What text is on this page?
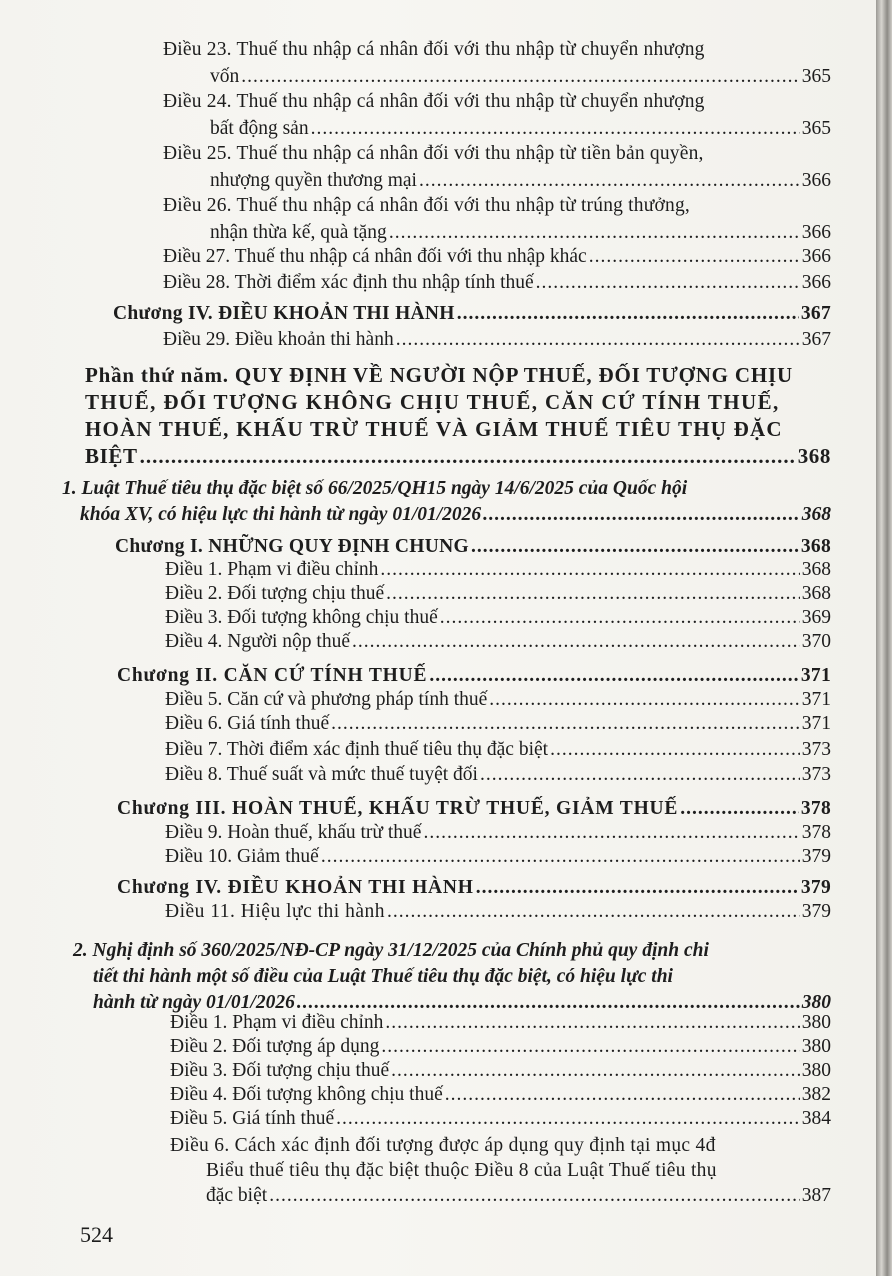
Điều 23. Thuế thu nhập cá nhân đối với thu nhập từ chuyển nhượng
vốn .....	365
Điều 24. Thuế thu nhập cá nhân đối với thu nhập từ chuyển nhượng
bất động sản .....	365
Điều 25. Thuế thu nhập cá nhân đối với thu nhập từ tiền bản quyền,
nhượng quyền thương mại .....	366
Điều 26. Thuế thu nhập cá nhân đối với thu nhập từ trúng thưởng,
nhận thừa kế, quà tặng .....	366
Điều 27. Thuế thu nhập cá nhân đối với thu nhập khác .....	366
Điều 28. Thời điểm xác định thu nhập tính thuế .....	366
Chương IV. ĐIỀU KHOẢN THI HÀNH .....	367
Điều 29. Điều khoản thi hành .....	367
Phần thứ năm. QUY ĐỊNH VỀ NGƯỜI NỘP THUẾ, ĐỐI TƯỢNG CHỊU
THUẾ, ĐỐI TƯỢNG KHÔNG CHỊU THUẾ, CĂN CỨ TÍNH THUẾ,
HOÀN THUẾ, KHẤU TRỪ THUẾ VÀ GIẢM THUẾ TIÊU THỤ ĐẶC
BIỆT .....	368
1. Luật Thuế tiêu thụ đặc biệt số 66/2025/QH15 ngày 14/6/2025 của Quốc hội
khóa XV, có hiệu lực thi hành từ ngày 01/01/2026 .....	368
Chương I. NHỮNG QUY ĐỊNH CHUNG .....	368
Điều 1. Phạm vi điều chỉnh .....	368
Điều 2. Đối tượng chịu thuế .....	368
Điều 3. Đối tượng không chịu thuế .....	369
Điều 4. Người nộp thuế .....	370
Chương II. CĂN CỨ TÍNH THUẾ .....	371
Điều 5. Căn cứ và phương pháp tính thuế .....	371
Điều 6. Giá tính thuế .....	371
Điều 7. Thời điểm xác định thuế tiêu thụ đặc biệt .....	373
Điều 8. Thuế suất và mức thuế tuyệt đối .....	373
Chương III. HOÀN THUẾ, KHẤU TRỪ THUẾ, GIẢM THUẾ .....	378
Điều 9. Hoàn thuế, khấu trừ thuế .....	378
Điều 10. Giảm thuế .....	379
Chương IV. ĐIỀU KHOẢN THI HÀNH .....	379
Điều 11. Hiệu lực thi hành .....	379
2. Nghị định số 360/2025/NĐ-CP ngày 31/12/2025 của Chính phủ quy định chi
tiết thi hành một số điều của Luật Thuế tiêu thụ đặc biệt, có hiệu lực thi
hành từ ngày 01/01/2026 .....	380
Điều 1. Phạm vi điều chỉnh .....	380
Điều 2. Đối tượng áp dụng .....	380
Điều 3. Đối tượng chịu thuế .....	380
Điều 4. Đối tượng không chịu thuế .....	382
Điều 5. Giá tính thuế .....	384
Điều 6. Cách xác định đối tượng được áp dụng quy định tại mục 4đ
Biểu thuế tiêu thụ đặc biệt thuộc Điều 8 của Luật Thuế tiêu thụ
đặc biệt .....	387
524
